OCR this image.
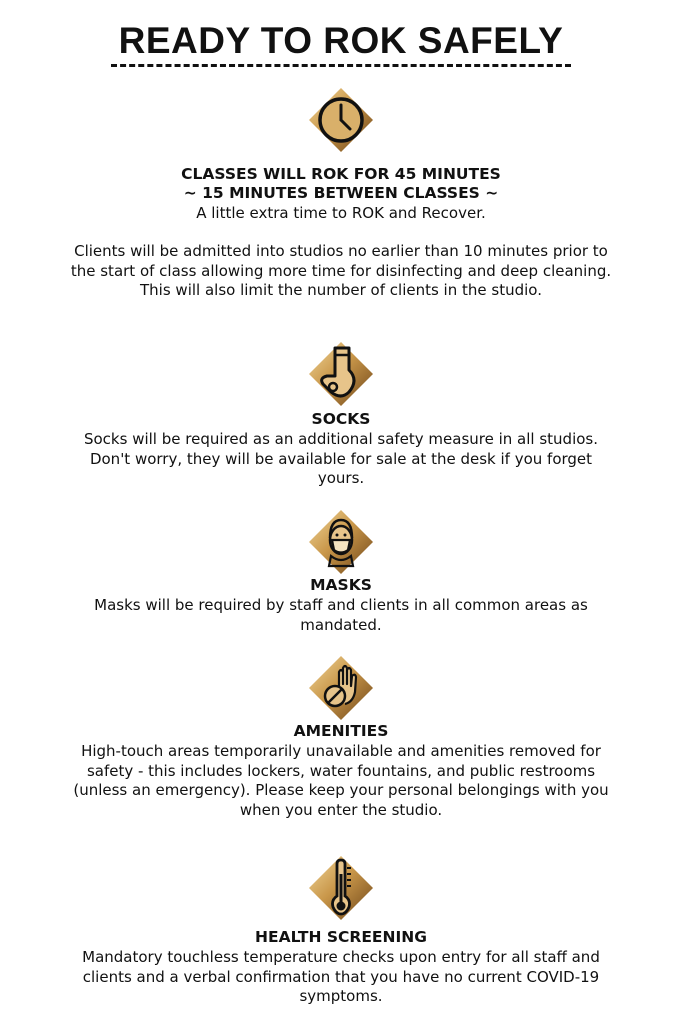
READY TO ROK SAFELY

CLASSES WILL ROK FOR 45 MINUTES

~ 15 MINUTES BETWEEN CLASSES ~

A little extra time to ROK and Recover.

Clients will be admitted into studios no earlier than 10 minutes prior to the start of class allowing more time for disinfecting and deep cleaning. This will also limit the number of clients in the studio.

SOCKS

Socks will be required as an additional safety measure in all studios. Don't worry, they will be available for sale at the desk if you forget yours.

MASKS

Masks will be required by staff and clients in all common areas as mandated.

AMENITIES

High-touch areas temporarily unavailable and amenities removed for safety - this includes lockers, water fountains, and public restrooms (unless an emergency). Please keep your personal belongings with you when you enter the studio.

HEALTH SCREENING

Mandatory touchless temperature checks upon entry for all staff and clients and a verbal confirmation that you have no current COVID-19 symptoms.
